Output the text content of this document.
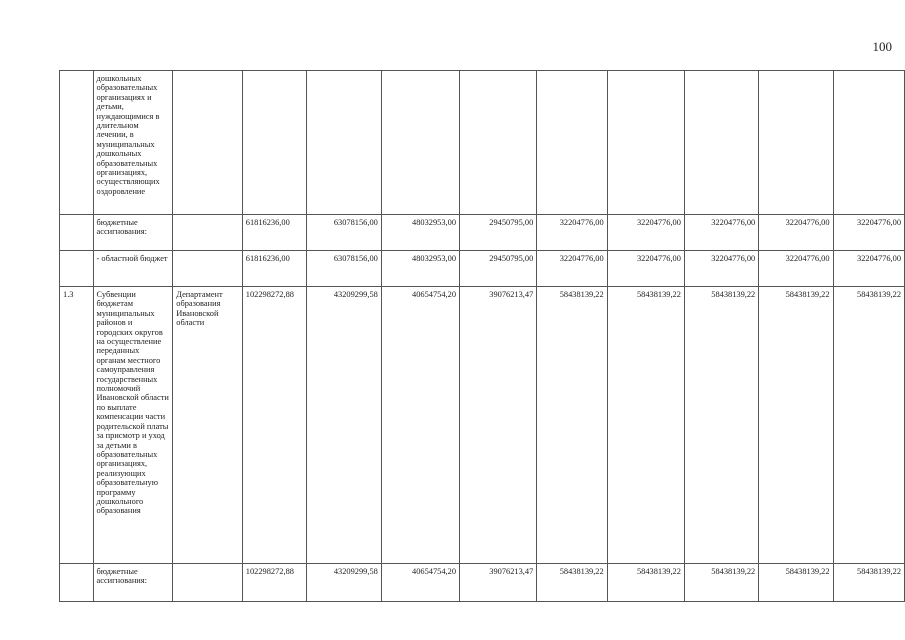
100
	дошкольных образовательных организациях и детьми, нуждающимися в длительном лечении, в муниципальных дошкольных образовательных организациях, осуществляющих оздоровление										
	бюджетные ассигнования:		61816236,00	63078156,00	48032953,00	29450795,00	32204776,00	32204776,00	32204776,00	32204776,00	32204776,00
	- областной бюджет		61816236,00	63078156,00	48032953,00	29450795,00	32204776,00	32204776,00	32204776,00	32204776,00	32204776,00
1.3	Субвенции бюджетам муниципальных районов и городских округов на осуществление переданных органам местного самоуправления государственных полномочий Ивановской области по выплате компенсации части родительской платы за присмотр и уход за детьми в образовательных организациях, реализующих образовательную программу дошкольного образования	Департамент образования Ивановской области	102298272,88	43209299,58	40654754,20	39076213,47	58438139,22	58438139,22	58438139,22	58438139,22	58438139,22
	бюджетные ассигнования:		102298272,88	43209299,58	40654754,20	39076213,47	58438139,22	58438139,22	58438139,22	58438139,22	58438139,22
